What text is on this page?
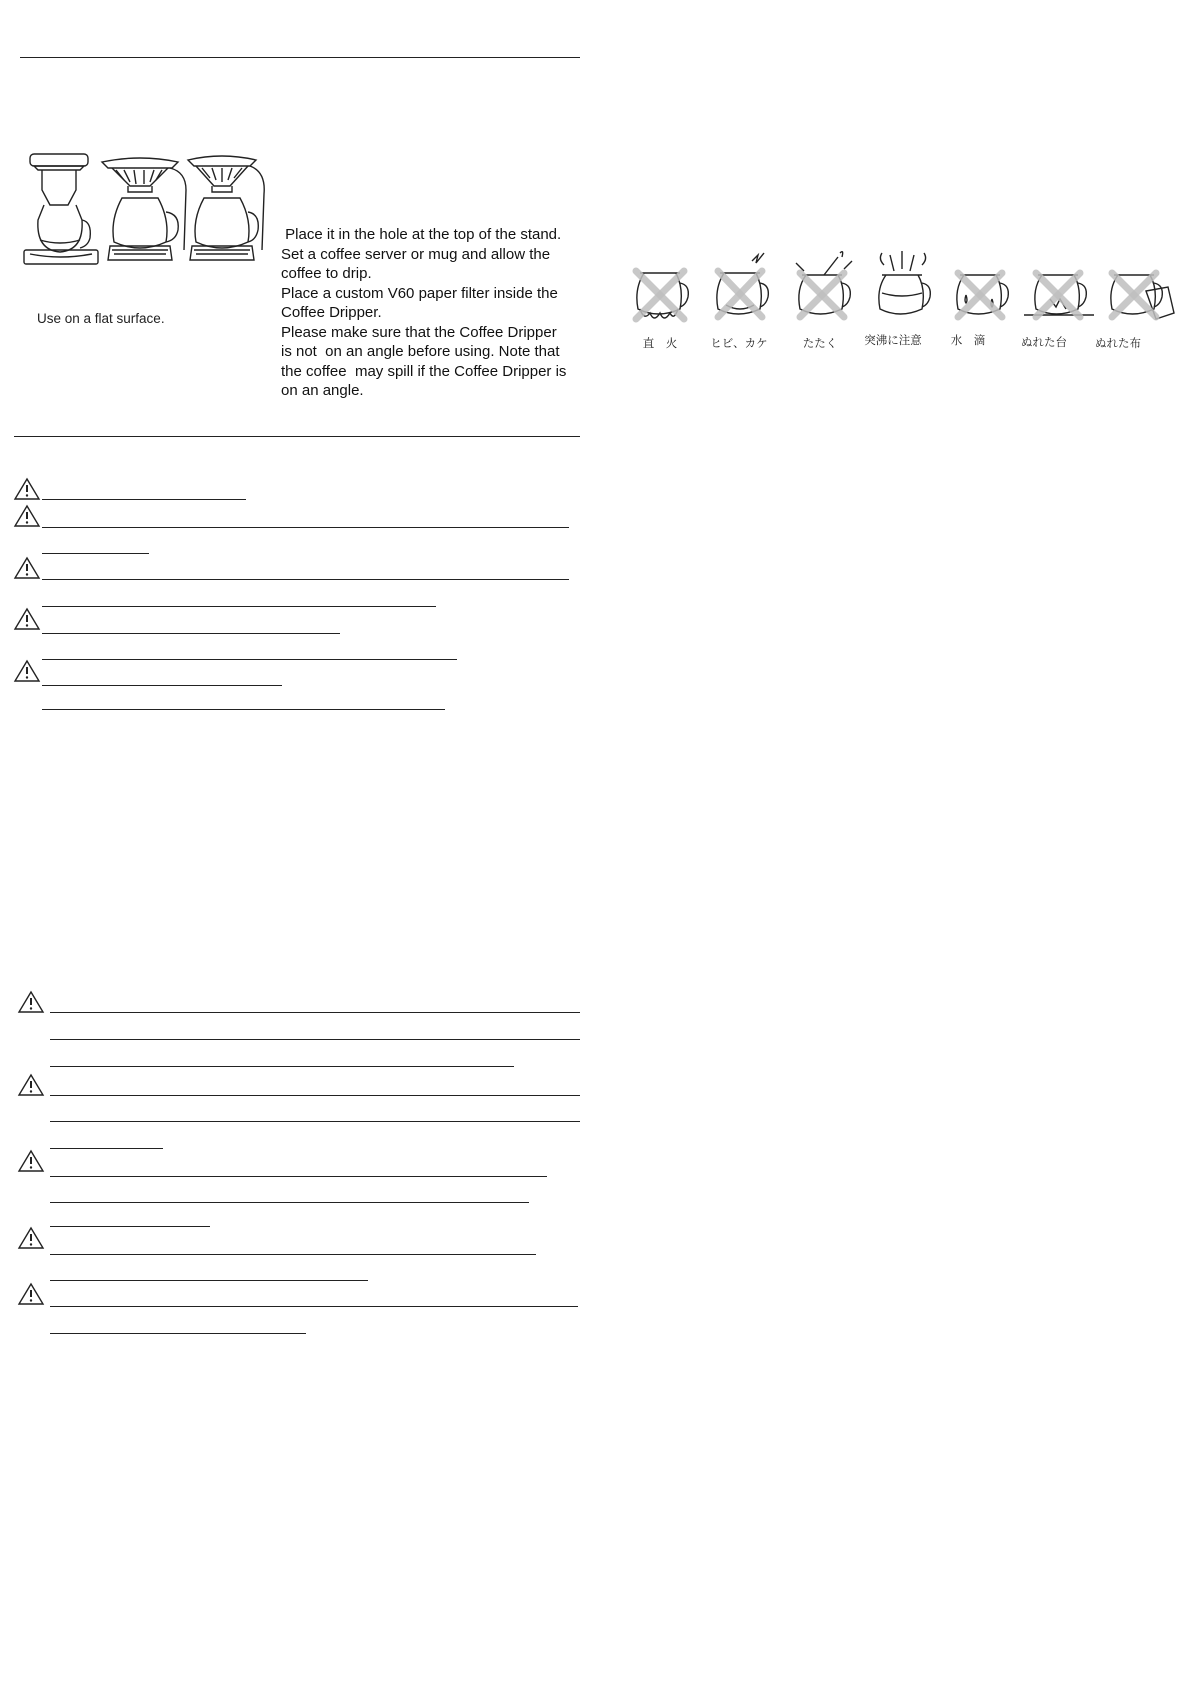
Use on a flat surface.
Place it in the hole at the top of the stand.
Set a coffee server or mug and allow the
coffee to drip.
Place a custom V60 paper filter inside the
Coffee Dripper.
Please make sure that the Coffee Dripper
is not  on an angle before using. Note that
the coffee  may spill if the Coffee Dripper is
on an angle.
直　火	ヒビ、カケ	たたく	突沸に注意	水　滴	ぬれた台	ぬれた布
